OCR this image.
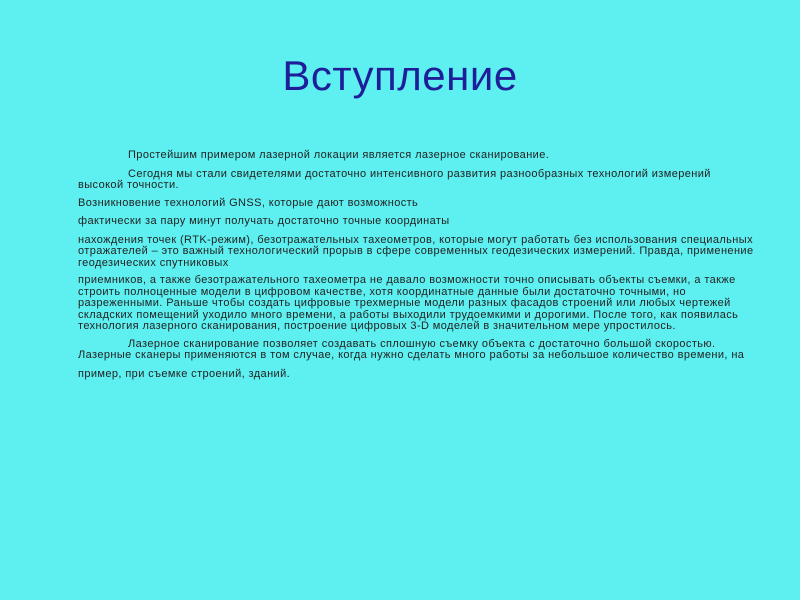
Вступление

Простейшим примером лазерной локации является лазерное сканирование.

Сегодня мы стали свидетелями достаточно интенсивного развития разнообразных технологий измерений высокой точности.

Возникновение технологий GNSS, которые дают возможность

фактически за пару минут получать достаточно точные координаты

нахождения точек (RTK-режим), безотражательных тахеометров, которые могут работать без использования специальных отражателей – это важный технологический прорыв в сфере современных геодезических измерений. Правда, применение геодезических спутниковых

приемников, а также безотражательного тахеометра не давало возможности точно описывать объекты съемки, а также строить полноценные модели в цифровом качестве, хотя координатные данные были достаточно точными, но разреженными. Раньше чтобы создать цифровые трехмерные модели разных фасадов строений или любых чертежей складских помещений уходило много времени, а работы выходили трудоемкими и дорогими. После того, как появилась технология лазерного сканирования, построение цифровых 3-D моделей в значительном мере упростилось.

Лазерное сканирование позволяет создавать сплошную съемку объекта с достаточно большой скоростью. Лазерные сканеры применяются в том случае, когда нужно сделать много работы за небольшое количество времени, на

пример, при съемке строений, зданий.
